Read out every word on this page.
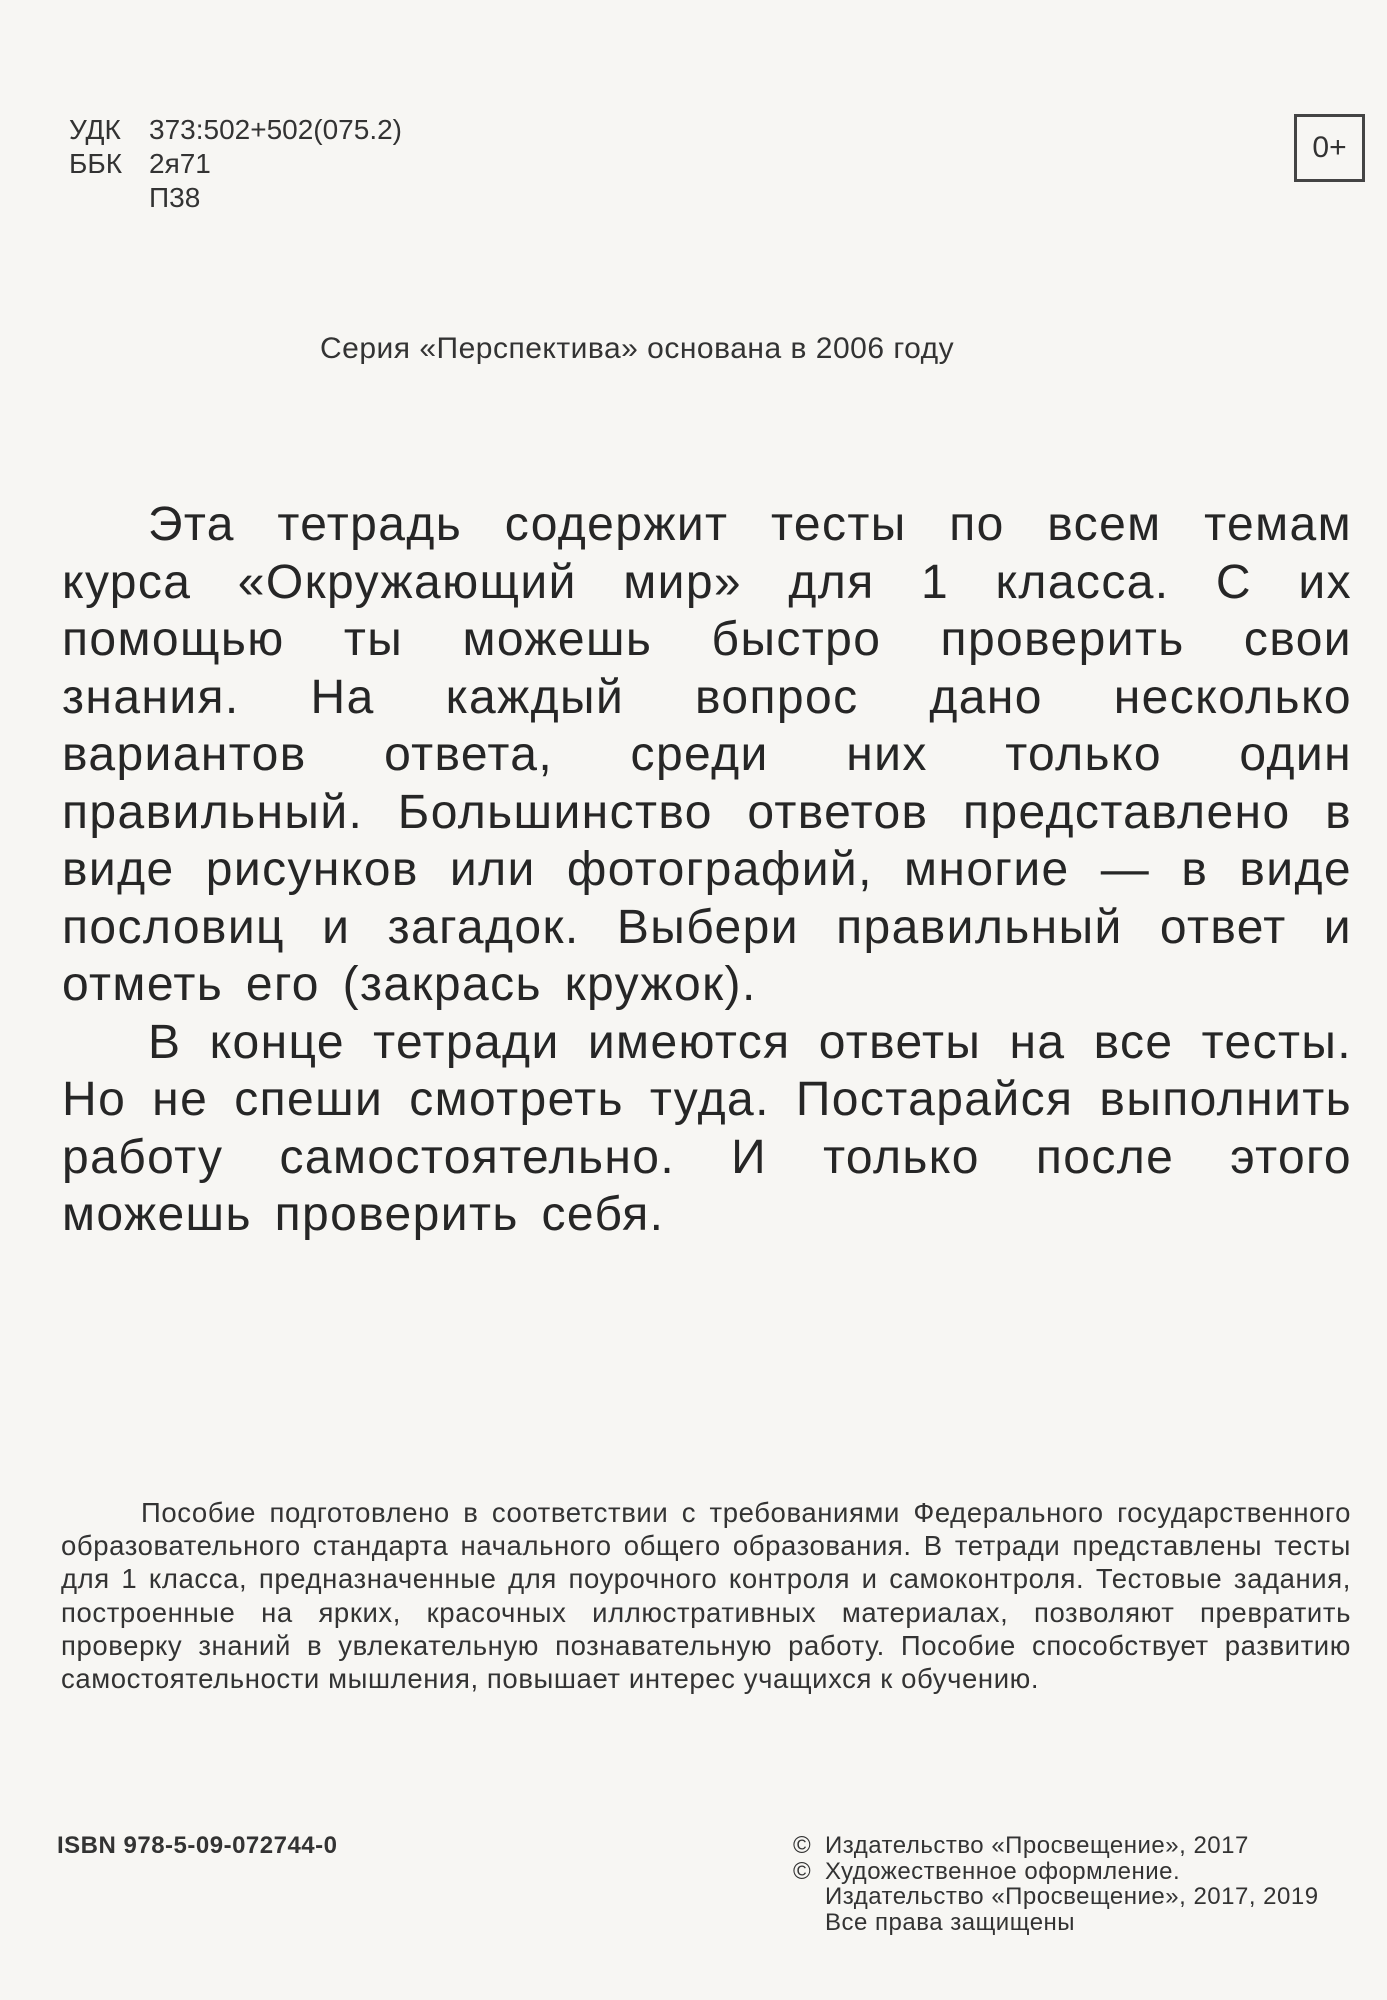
УДК	373:502+502(075.2)
ББК 2я71
П38
0+
Серия «Перспектива» основана в 2006 году

Эта тетрадь содержит тесты по всем темам курса «Окружающий мир» для 1 класса. С их помощью ты можешь быстро проверить свои знания. На каждый вопрос дано несколько вариантов ответа, среди них только один правильный. Большинство ответов представлено в виде рисунков или фотографий, многие — в виде пословиц и загадок. Выбери правильный ответ и отметь его (закрась кружок).

В конце тетради имеются ответы на все тесты. Но не спеши смотреть туда. Постарайся выполнить работу самостоятельно. И только после этого можешь проверить себя.

Пособие подготовлено в соответствии с требованиями Федерального государственного образовательного стандарта начального общего образования. В тетради представлены тесты для 1 класса, предназначенные для поурочного контроля и самоконтроля. Тестовые задания, построенные на ярких, красочных иллюстративных материалах, позволяют превратить проверку знаний в увлекательную познавательную работу. Пособие способствует развитию самостоятельности мышления, повышает интерес учащихся к обучению.

ISBN 978-5-09-072744-0	© Издательство «Просвещение», 2017
© Художественное оформление.
Издательство «Просвещение», 2017, 2019
Все права защищены
